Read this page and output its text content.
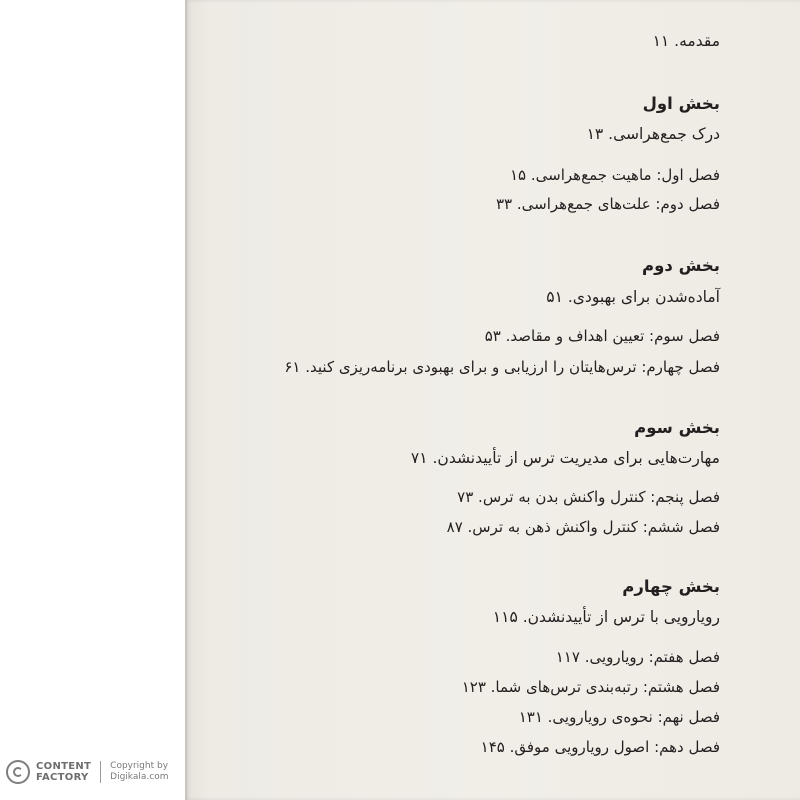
مقدمه. ۱۱
بخش اول
درک جمع‌هراسی. ۱۳
فصل اول: ماهیت جمع‌هراسی. ۱۵
فصل دوم: علت‌های جمع‌هراسی. ۳۳
بخش دوم
آماده‌شدن برای بهبودی. ۵۱
فصل سوم: تعیین اهداف و مقاصد. ۵۳
فصل چهارم: ترس‌هایتان را ارزیابی و برای بهبودی برنامه‌ریزی کنید. ۶۱
بخش سوم
مهارت‌هایی برای مدیریت ترس از تأییدنشدن. ۷۱
فصل پنجم: کنترل واکنش بدن به ترس. ۷۳
فصل ششم: کنترل واکنش ذهن به ترس. ۸۷
بخش چهارم
رویارویی با ترس از تأییدنشدن. ۱۱۵
فصل هفتم: رویارویی. ۱۱۷
فصل هشتم: رتبه‌بندی ترس‌های شما. ۱۲۳
فصل نهم: نحوه‌ی رویارویی. ۱۳۱
فصل دهم: اصول رویارویی موفق. ۱۴۵
CONTENT
FACTORY
Copyright by
Digikala.com
